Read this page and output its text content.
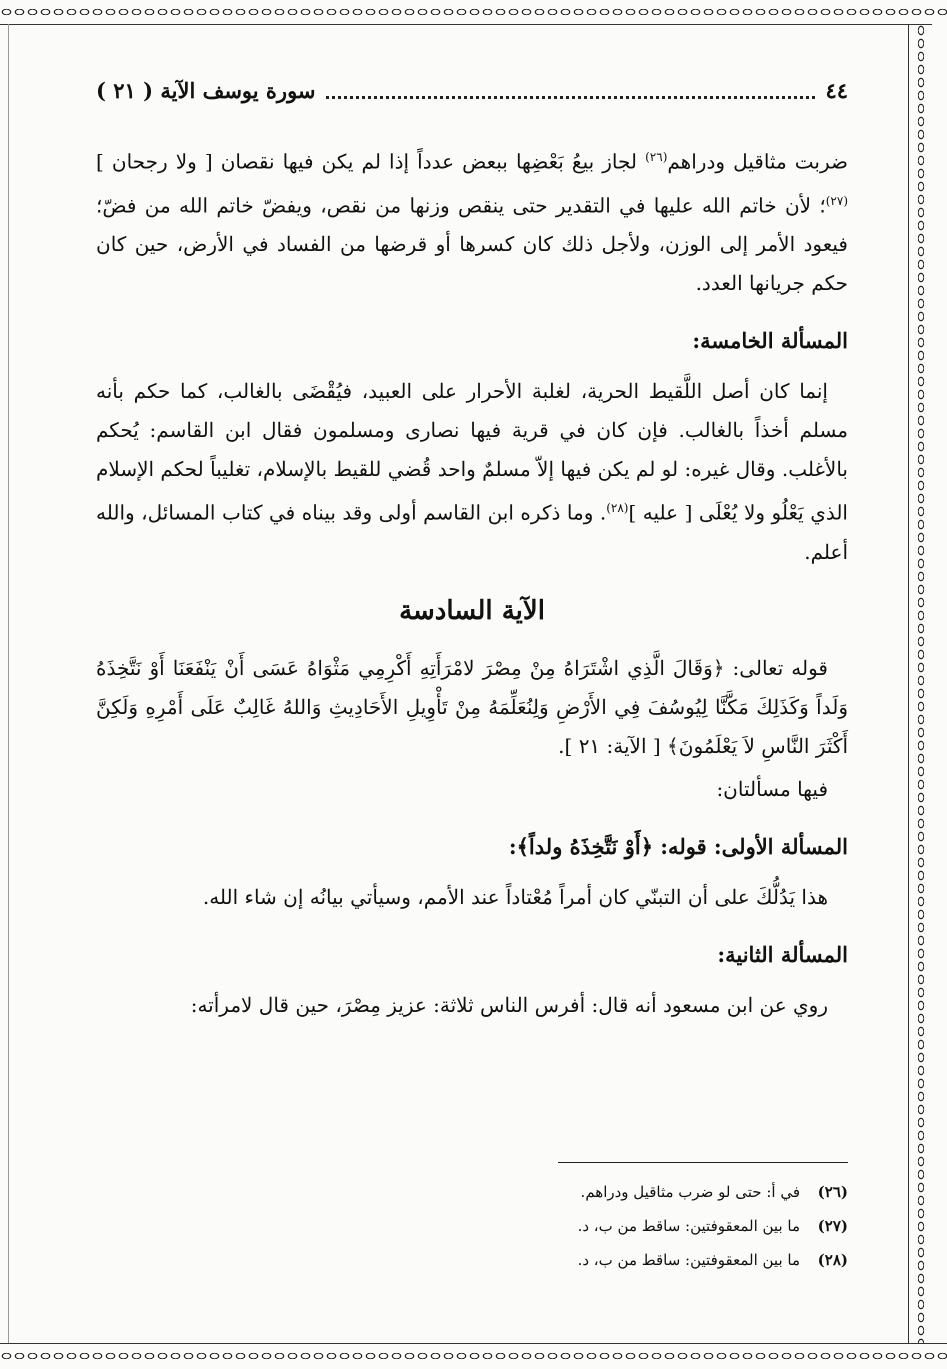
٤٤
سورة يوسف الآية ( ٢١ )

ضربت مثاقيل ودراهم$^{(٢٦)}$ لجاز بيعُ بَعْضِها ببعض عدداً إذا لم يكن فيها نقصان [ ولا رجحان ] $^{(٢٧)}$؛ لأن خاتم الله عليها في التقدير حتى ينقص وزنها من نقص، ويفضّ خاتم الله من فضّ؛ فيعود الأمر إلى الوزن، ولأجل ذلك كان كسرها أو قرضها من الفساد في الأرض، حين كان حكم جريانها العدد.

المسألة الخامسة:

إنما كان أصل اللَّقيط الحرية، لغلبة الأحرار على العبيد، فيُقْضَى بالغالب، كما حكم بأنه مسلم أخذاً بالغالب. فإن كان في قرية فيها نصارى ومسلمون فقال ابن القاسم: يُحكم بالأغلب. وقال غيره: لو لم يكن فيها إلاّ مسلمٌ واحد قُضي للقيط بالإسلام، تغليباً لحكم الإسلام الذي يَعْلُو ولا يُعْلَى [ عليه ]$^{(٢٨)}$. وما ذكره ابن القاسم أولى وقد بيناه في كتاب المسائل، والله أعلم.

الآية السادسة

قوله تعالى: ﴿وَقَالَ الَّذِي اشْتَرَاهُ مِنْ مِصْرَ لامْرَأَتِهِ أَكْرِمِي مَثْوَاهُ عَسَى أَنْ يَنْفَعَنَا أَوْ نَتَّخِذَهُ وَلَداً وَكَذَلِكَ مَكَّنَّا لِيُوسُفَ فِي الأَرْضِ وَلِنُعَلِّمَهُ مِنْ تَأْوِيلِ الأَحَادِيثِ وَاللهُ غَالِبٌ عَلَى أَمْرِهِ وَلَكِنَّ أَكْثَرَ النَّاسِ لاَ يَعْلَمُونَ﴾ [ الآية: ٢١ ].

فيها مسألتان:

المسألة الأولى: قوله: ﴿أَوْ نَتَّخِذَهُ ولداً﴾:

هذا يَدُلُّكَ على أن التبنّي كان أمراً مُعْتاداً عند الأمم، وسيأتي بيانُه إن شاء الله.

المسألة الثانية:

روي عن ابن مسعود أنه قال: أفرس الناس ثلاثة: عزيز مِصْرَ، حين قال لامرأته:

(٢٦)
في أ: حتى لو ضرب مثاقيل ودراهم.
(٢٧)
ما بين المعقوفتين: ساقط من ب، د.
(٢٨)
ما بين المعقوفتين: ساقط من ب، د.
